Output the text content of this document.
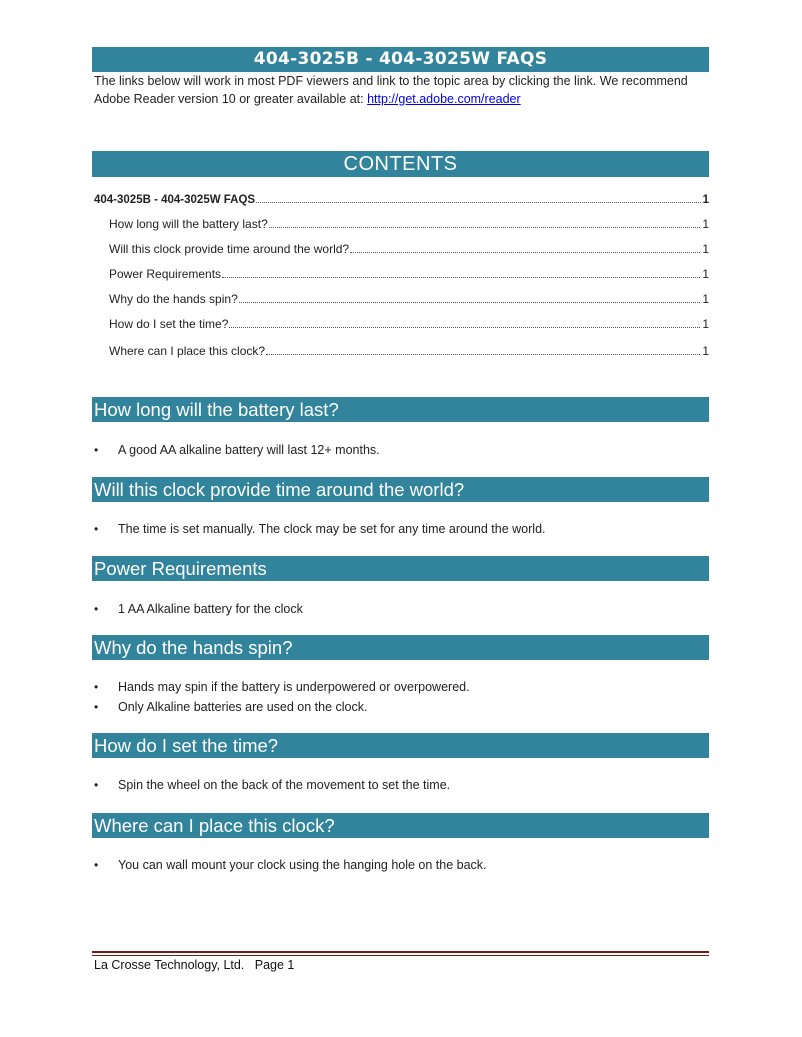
404-3025B - 404-3025W FAQS
The links below will work in most PDF viewers and link to the topic area by clicking the link. We recommend Adobe Reader version 10 or greater available at: http://get.adobe.com/reader
CONTENTS
404-3025B - 404-3025W FAQS	1
How long will the battery last?	1
Will this clock provide time around the world?	1
Power Requirements	1
Why do the hands spin?	1
How do I set the time?	1
Where can I place this clock?	1
How long will the battery last?
• A good AA alkaline battery will last 12+ months.
Will this clock provide time around the world?
• The time is set manually. The clock may be set for any time around the world.
Power Requirements
• 1 AA Alkaline battery for the clock
Why do the hands spin?
• Hands may spin if the battery is underpowered or overpowered.
• Only Alkaline batteries are used on the clock.
How do I set the time?
• Spin the wheel on the back of the movement to set the time.
Where can I place this clock?
• You can wall mount your clock using the hanging hole on the back.
La Crosse Technology, Ltd.   Page 1
